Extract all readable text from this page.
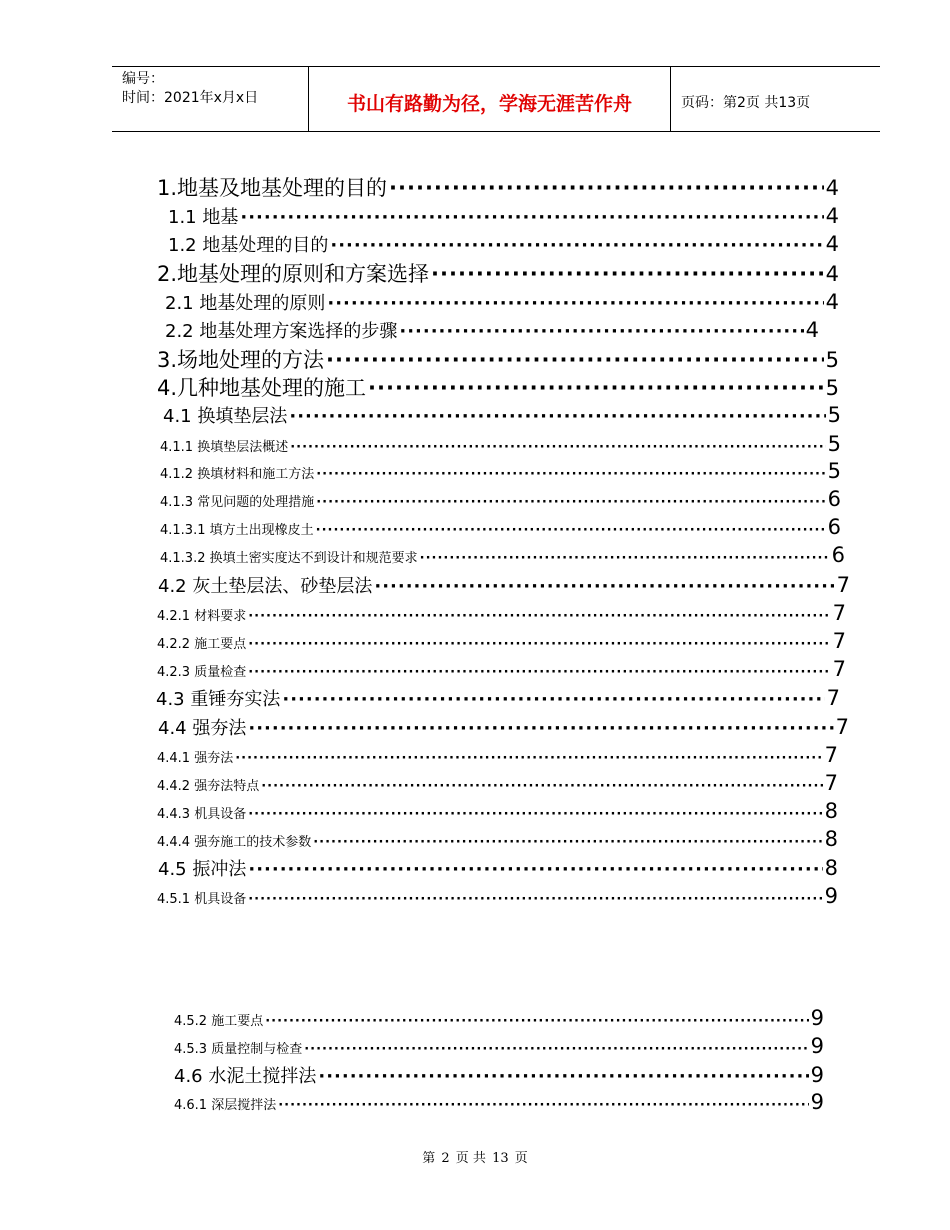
编号：
时间：2021年x月x日	书山有路勤为径，学海无涯苦作舟	页码：第2页 共13页
1.地基及地基处理的目的 ·····	4
1.1 地基 ·····	4
1.2 地基处理的目的 ·····	4
2.地基处理的原则和方案选择 ·····	4
2.1 地基处理的原则 ·····	4
2.2 地基处理方案选择的步骤 ·····	4
3.场地处理的方法 ·····	5
4.几种地基处理的施工 ·····	5
4.1 换填垫层法 ·····	5
4.1.1 换填垫层法概述 ·····	5
4.1.2 换填材料和施工方法 ·····	5
4.1.3 常见问题的处理措施 ·····	6
4.1.3.1 填方土出现橡皮土 ·····	6
4.1.3.2 换填土密实度达不到设计和规范要求 ·····	6
4.2 灰土垫层法、砂垫层法 ·····	7
4.2.1 材料要求 ·····	7
4.2.2 施工要点 ·····	7
4.2.3 质量检查 ·····	7
4.3 重锤夯实法 ·····	7
4.4 强夯法 ·····	7
4.4.1 强夯法 ·····	7
4.4.2 强夯法特点 ·····	7
4.4.3 机具设备 ·····	8
4.4.4 强夯施工的技术参数 ·····	8
4.5 振冲法 ·····	8
4.5.1 机具设备 ·····	9
4.5.2 施工要点 ·····	9
4.5.3 质量控制与检查 ·····	9
4.6 水泥土搅拌法 ·····	9
4.6.1 深层搅拌法 ·····	9
第 2 页 共 13 页
